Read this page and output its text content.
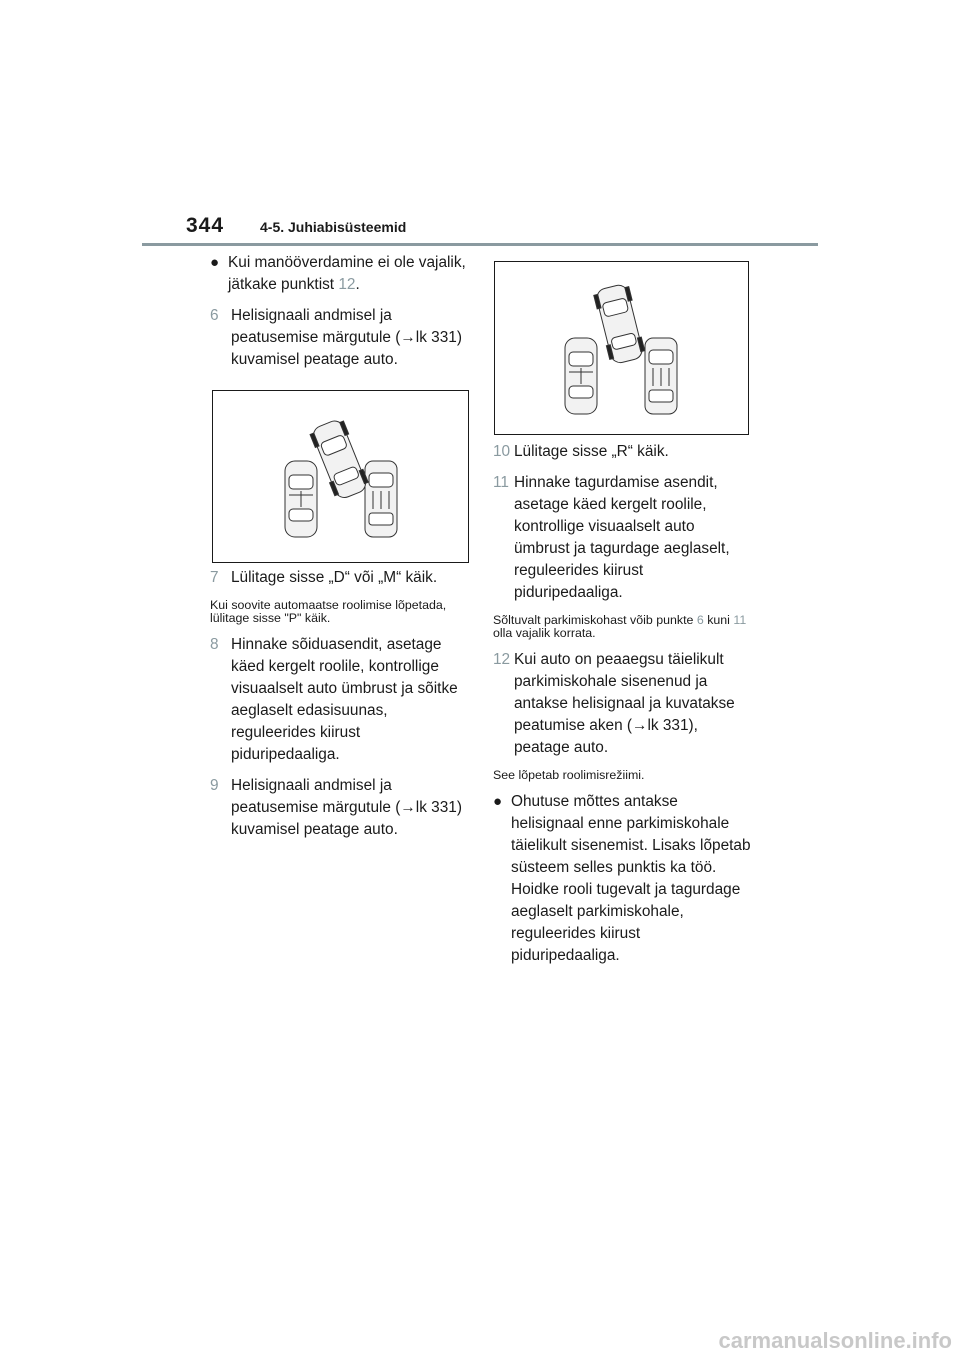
344	4-5. Juhiabisüsteemid
● Kui manööverdamine ei ole vajalik, jätkake punktist 12.
6 Helisignaali andmisel ja peatusemise märgutule (→lk 331) kuvamisel peatage auto.
7 Lülitage sisse „D“ või „M“ käik.
Kui soovite automaatse roolimise lõpetada, lülitage sisse "P" käik.
8 Hinnake sõiduasendit, asetage käed kergelt roolile, kontrollige visuaalselt auto ümbrust ja sõitke aeglaselt edasisuunas, reguleerides kiirust piduripedaaliga.
9 Helisignaali andmisel ja peatusemise märgutule (→lk 331) kuvamisel peatage auto.
10 Lülitage sisse „R“ käik.
11 Hinnake tagurdamise asendit, asetage käed kergelt roolile, kontrollige visuaalselt auto ümbrust ja tagurdage aeglaselt, reguleerides kiirust piduripedaaliga.
Sõltuvalt parkimiskohast võib punkte 6 kuni 11 olla vajalik korrata.
12 Kui auto on peaaegsu täielikult parkimiskohale sisenenud ja antakse helisignaal ja kuvatakse peatumise aken (→lk 331), peatage auto.
See lõpetab roolimisrežiimi.
● Ohutuse mõttes antakse helisignaal enne parkimiskohale täielikult sisenemist. Lisaks lõpetab süsteem selles punktis ka töö. Hoidke rooli tugevalt ja tagurdage aeglaselt parkimiskohale, reguleerides kiirust piduripedaaliga.
carmanualsonline.info
